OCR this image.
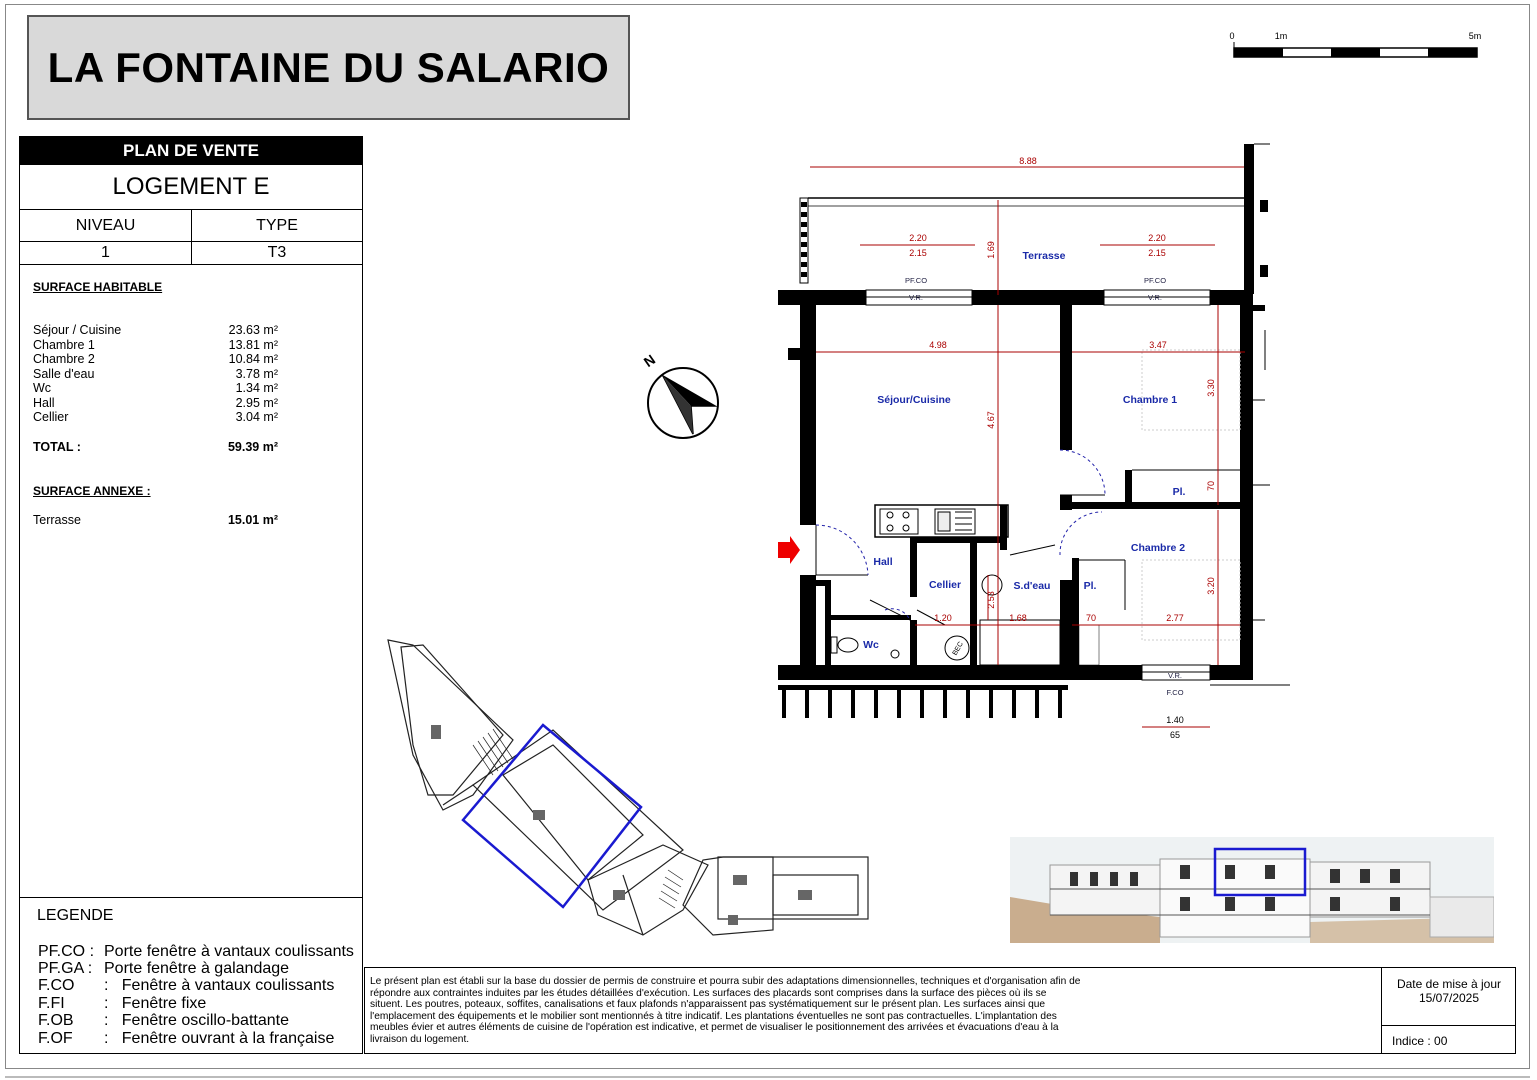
LA FONTAINE DU SALARIO
0	1m	5m
PLAN DE VENTE
LOGEMENT E
NIVEAU	TYPE
1	T3
SURFACE HABITABLE
Séjour / Cuisine	23.63 m²
Chambre 1	13.81 m²
Chambre 2	10.84 m²
Salle d'eau	3.78 m²
Wc	1.34 m²
Hall	2.95 m²
Cellier	3.04 m²
TOTAL :	59.39 m²
SURFACE ANNEXE :
Terrasse	15.01 m²
LEGENDE
PF.CO : Porte fenêtre à vantaux coulissants
PF.GA : Porte fenêtre à galandage
F.CO :   Fenêtre à vantaux coulissants
F.FI :   Fenêtre fixe
F.OB :   Fenêtre oscillo-battante
F.OF :   Fenêtre ouvrant à la française
Le présent plan est établi sur la base du dossier de permis de construire et pourra subir des adaptations dimensionnelles, techniques et d'organisation afin de répondre aux contraintes induites par les études détaillées d'exécution. Les surfaces des placards sont comprises dans la surface des pièces où ils se situent. Les poutres, poteaux, soffites, canalisations et faux plafonds n'apparaissent pas systématiquement sur le présent plan. Les surfaces ainsi que l'emplacement des équipements et le mobilier sont mentionnés à titre indicatif. Les plantations éventuelles ne sont pas contractuelles. L'implantation des meubles évier et autres éléments de cuisine de l'opération est indicative, et permet de visualiser le positionnement des arrivées et évacuations d'eau à la livraison du logement.
Date de mise à jour
15/07/2025
Indice : 00
N
BEC
8.88
2.20
2.15
2.20
2.15
1.69
4.98	3.47
4.67
3.30
70
3.20
1.20	1.68	70	2.77
2.53
1.40
65
PF.CO
V.R.
PF.CO
V.R.
V.R.
F.CO
Terrasse
Séjour/Cuisine	Chambre 1
Pl.
Chambre 2
Hall
Cellier	S.d'eau	Pl.
Wc
